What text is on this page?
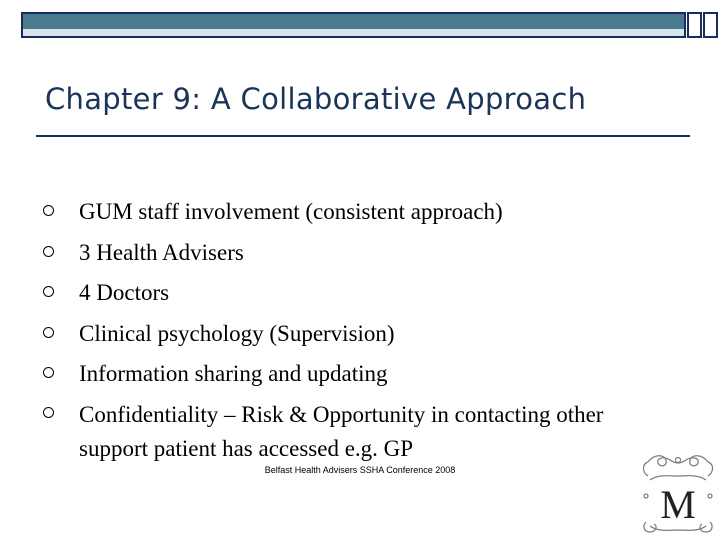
Chapter 9: A Collaborative Approach
GUM staff involvement (consistent approach)
3 Health Advisers
4 Doctors
Clinical psychology (Supervision)
Information sharing and updating
Confidentiality – Risk & Opportunity in contacting other support patient has accessed e.g. GP
Belfast Health Advisers SSHA Conference 2008
M
